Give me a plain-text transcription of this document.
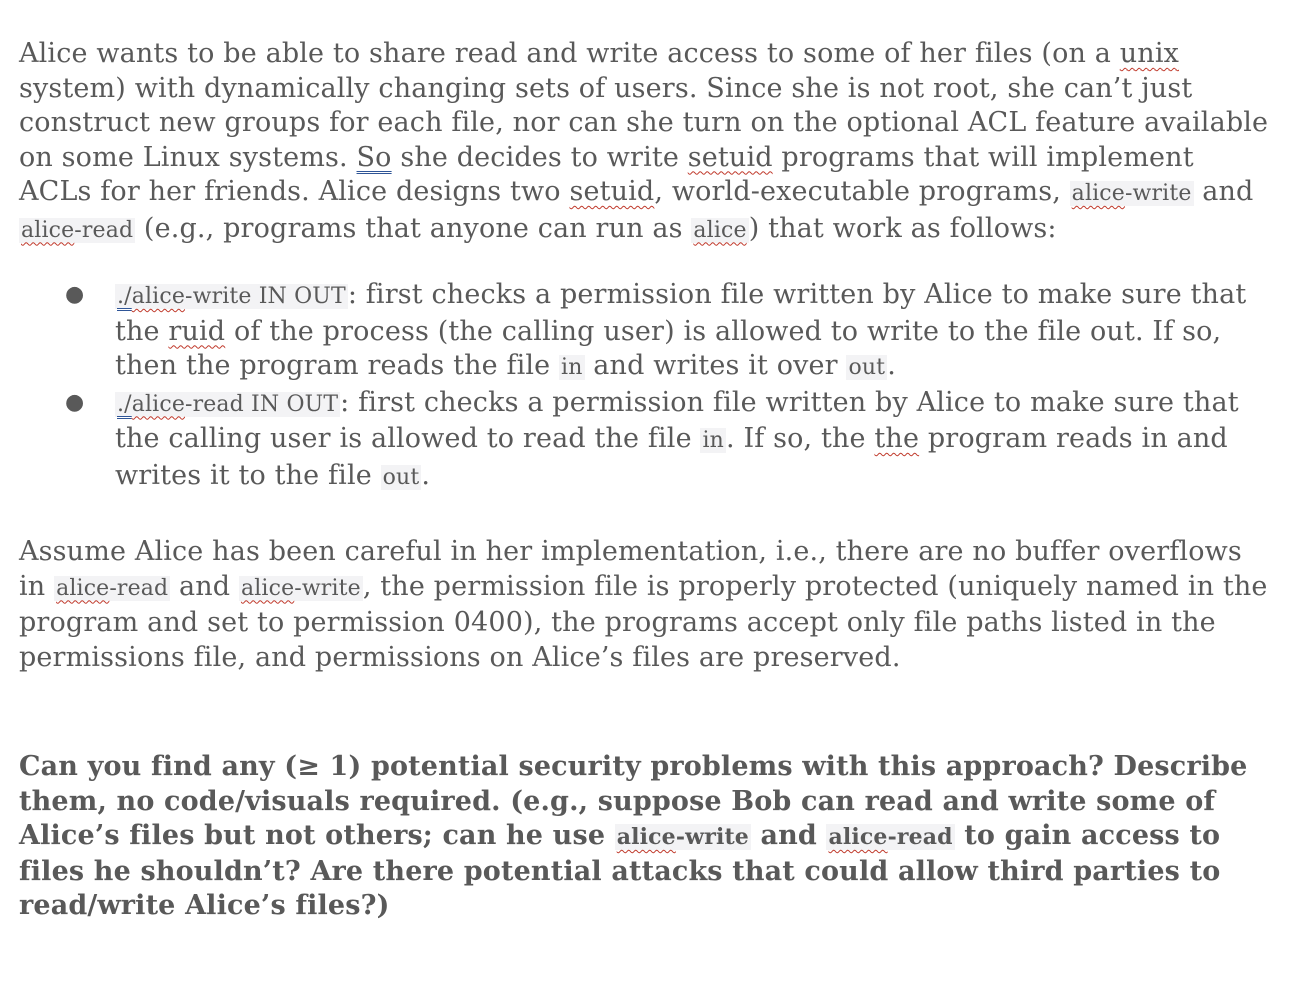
Alice wants to be able to share read and write access to some of her files (on a unix system) with dynamically changing sets of users. Since she is not root, she can’t just construct new groups for each file, nor can she turn on the optional ACL feature available on some Linux systems. So she decides to write setuid programs that will implement ACLs for her friends. Alice designs two setuid, world-executable programs, alice-write and alice-read (e.g., programs that anyone can run as alice) that work as follows:

● ./alice-write IN OUT: first checks a permission file written by Alice to make sure that the ruid of the process (the calling user) is allowed to write to the file out. If so, then the program reads the file in and writes it over out.
● ./alice-read IN OUT: first checks a permission file written by Alice to make sure that the calling user is allowed to read the file in. If so, the the program reads in and writes it to the file out.

Assume Alice has been careful in her implementation, i.e., there are no buffer overflows in alice-read and alice-write, the permission file is properly protected (uniquely named in the program and set to permission 0400), the programs accept only file paths listed in the permissions file, and permissions on Alice’s files are preserved.

Can you find any (≥ 1) potential security problems with this approach? Describe them, no code/visuals required. (e.g., suppose Bob can read and write some of Alice’s files but not others; can he use alice-write and alice-read to gain access to files he shouldn’t? Are there potential attacks that could allow third parties to read/write Alice’s files?)
